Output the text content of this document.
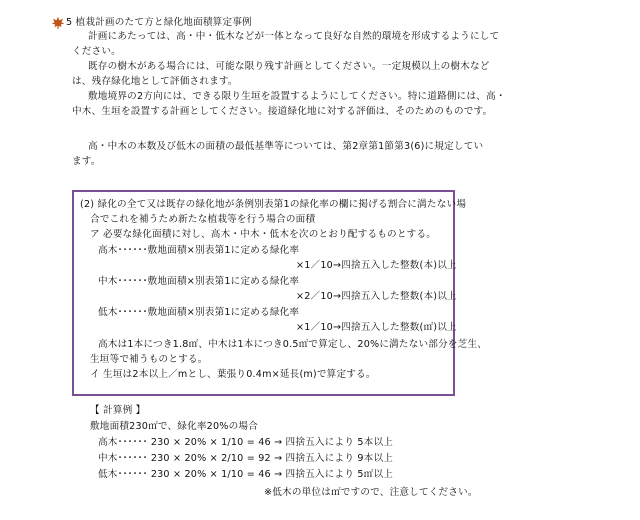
5 植栽計画のたて方と緑化地面積算定事例
計画にあたっては、高・中・低木などが一体となって良好な自然的環境を形成するようにして
ください。
既存の樹木がある場合には、可能な限り残す計画としてください。一定規模以上の樹木など
は、残存緑化地として評価されます。
敷地境界の2方向には、できる限り生垣を設置するようにしてください。特に道路側には、高・
中木、生垣を設置する計画としてください。接道緑化地に対する評価は、そのためのものです。
高・中木の本数及び低木の面積の最低基準等については、第2章第1節第3(6)に規定してい
ます。
(2) 緑化の全て又は既存の緑化地が条例別表第1の緑化率の欄に掲げる割合に満たない場
合でこれを補うため新たな植栽等を行う場合の面積
ア 必要な緑化面積に対し、高木・中木・低木を次のとおり配するものとする。
高木･･････敷地面積×別表第1に定める緑化率
×1／10→四捨五入した整数(本)以上
中木･･････敷地面積×別表第1に定める緑化率
×2／10→四捨五入した整数(本)以上
低木･･････敷地面積×別表第1に定める緑化率
×1／10→四捨五入した整数(㎡)以上
高木は1本につき1.8㎡、中木は1本につき0.5㎡で算定し、20%に満たない部分を芝生、
生垣等で補うものとする。
イ 生垣は2本以上／mとし、葉張り0.4m×延長(m)で算定する。
【 計算例 】
敷地面積230㎡で、緑化率20%の場合
高木･･････ 230 × 20% × 1/10 = 46 → 四捨五入により 5本以上
中木･･････ 230 × 20% × 2/10 = 92 → 四捨五入により 9本以上
低木･･････ 230 × 20% × 1/10 = 46 → 四捨五入により 5㎡以上
※低木の単位は㎡ですので、注意してください。
